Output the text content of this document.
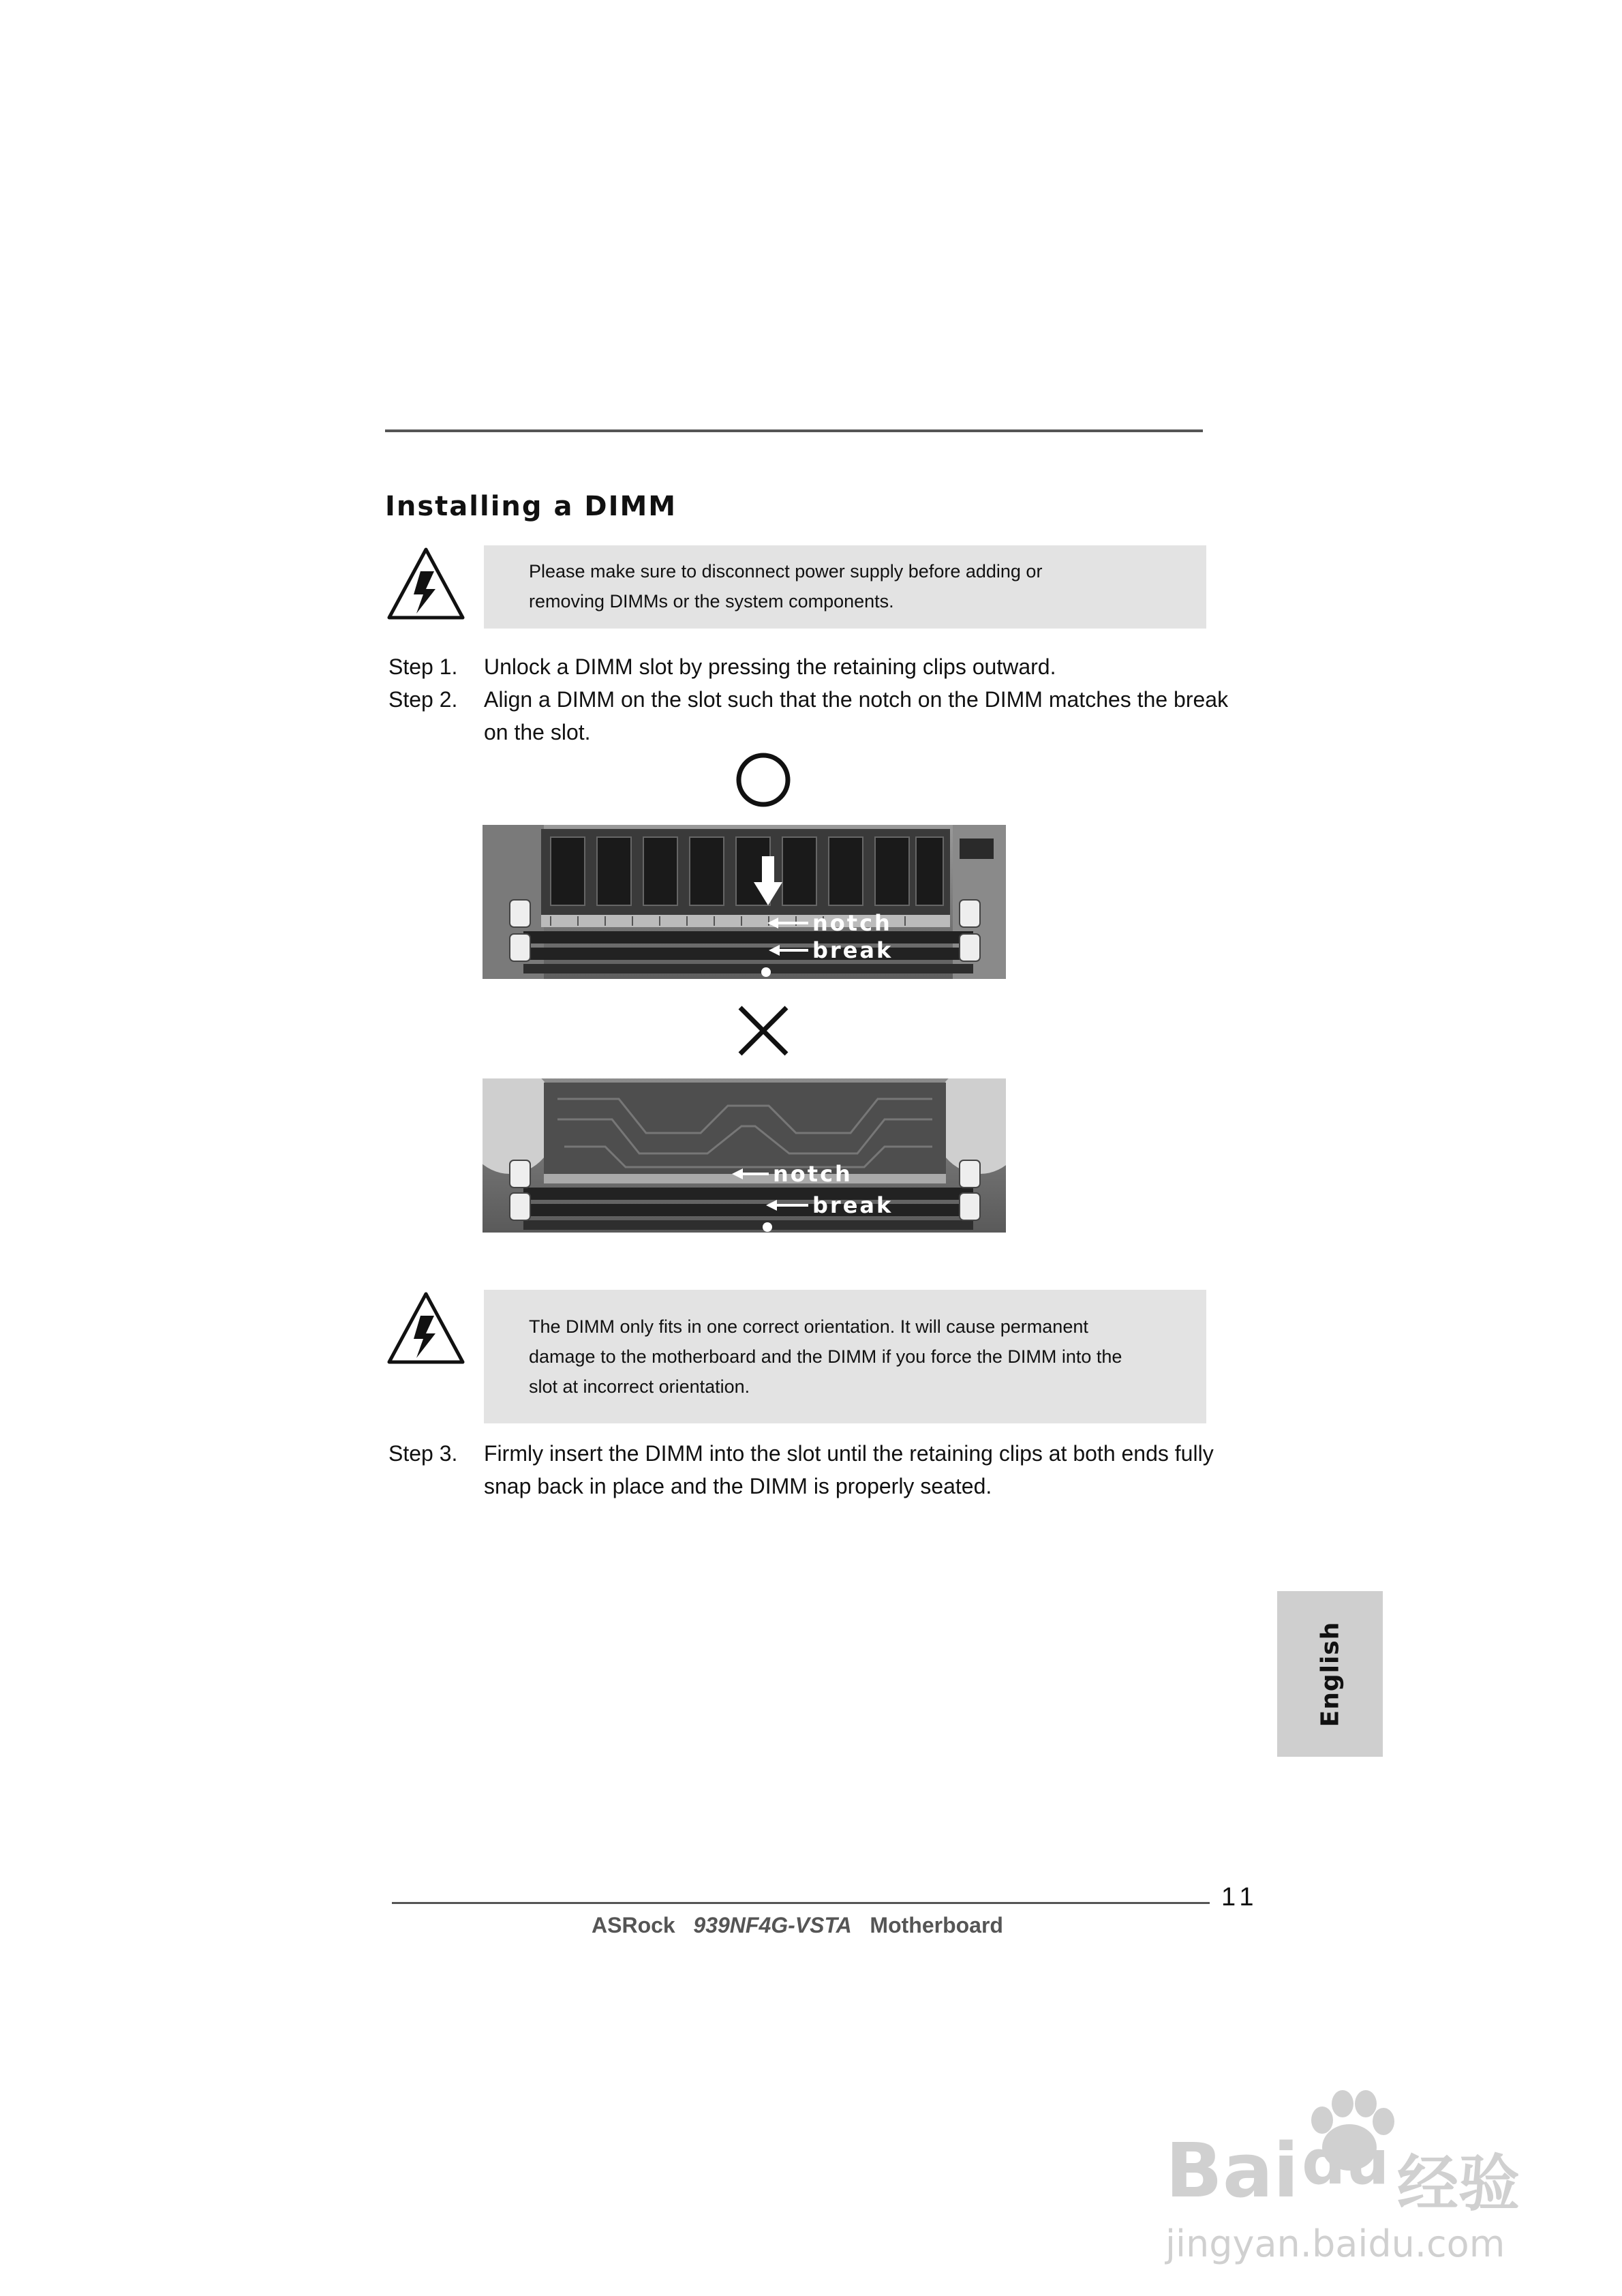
Installing a DIMM

Please make sure to disconnect power supply before adding or

removing DIMMs or the system components.

Step 1. Unlock a DIMM slot by pressing the retaining clips outward.
Step 2. Align a DIMM on the slot such that the notch on the DIMM matches the break
on the slot.
notch
break
notch
break

The DIMM only fits in one correct orientation. It will cause permanent

damage to the motherboard and the DIMM if you force the DIMM into the

slot at incorrect orientation.

Step 3. Firmly insert the DIMM into the slot until the retaining clips at both ends fully
snap back in place and the DIMM is properly seated.
English
11
ASRock 939NF4G-VSTA Motherboard
Bai du 经验
jingyan.baidu.com
